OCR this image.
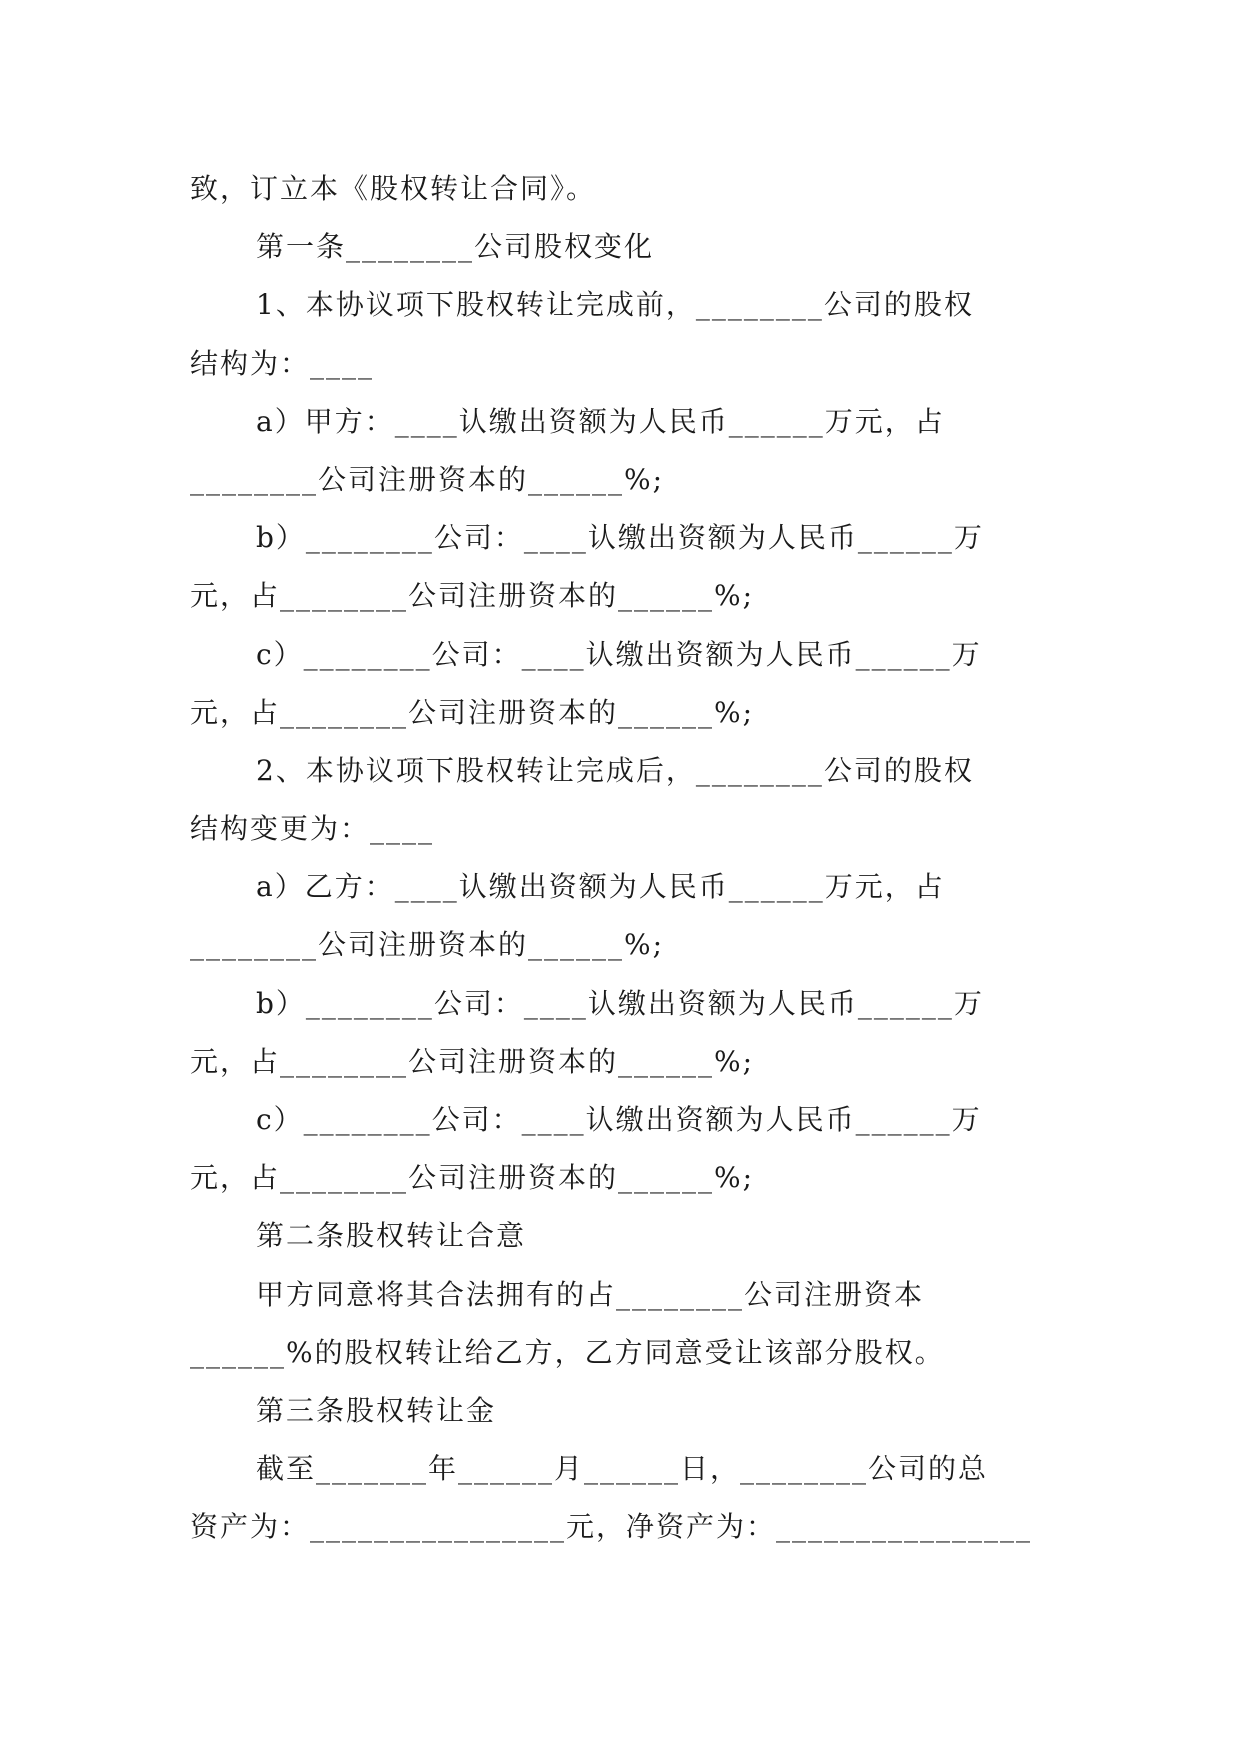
致，订立本《股权转让合同》。
第一条________公司股权变化
1、本协议项下股权转让完成前，________公司的股权
结构为：____
a）甲方：____认缴出资额为人民币______万元，占
________公司注册资本的______%;
b）________公司：____认缴出资额为人民币______万
元，占________公司注册资本的______%;
c）________公司：____认缴出资额为人民币______万
元，占________公司注册资本的______%;
2、本协议项下股权转让完成后，________公司的股权
结构变更为：____
a）乙方：____认缴出资额为人民币______万元，占
________公司注册资本的______%;
b）________公司：____认缴出资额为人民币______万
元，占________公司注册资本的______%;
c）________公司：____认缴出资额为人民币______万
元，占________公司注册资本的______%;
第二条股权转让合意
甲方同意将其合法拥有的占________公司注册资本
______%的股权转让给乙方，乙方同意受让该部分股权。
第三条股权转让金
截至_______年______月______日，________公司的总
资产为：________________元，净资产为：________________
